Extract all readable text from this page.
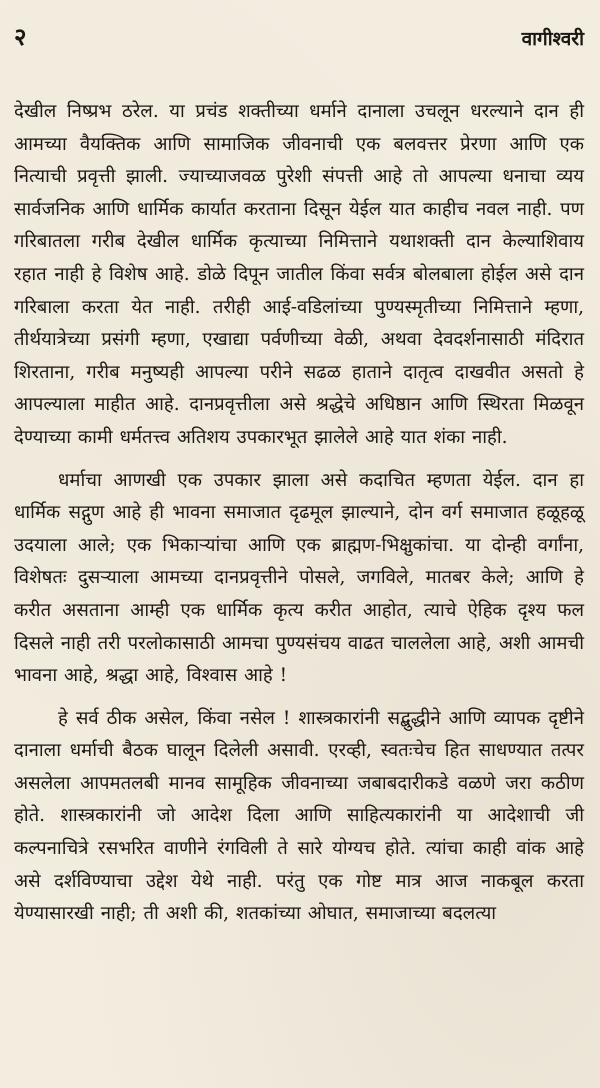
२	वागीश्वरी

देखील निष्प्रभ ठरेल. या प्रचंड शक्तीच्या धर्माने दानाला उचलून धरल्याने दान ही आमच्या वैयक्तिक आणि सामाजिक जीवनाची एक बलवत्तर प्रेरणा आणि एक नित्याची प्रवृत्ती झाली. ज्याच्याजवळ पुरेशी संपत्ती आहे तो आपल्या धनाचा व्यय सार्वजनिक आणि धार्मिक कार्यात करताना दिसून येईल यात काहीच नवल नाही. पण गरिबातला गरीब देखील धार्मिक कृत्याच्या निमित्ताने यथाशक्ती दान केल्याशिवाय रहात नाही हे विशेष आहे. डोळे दिपून जातील किंवा सर्वत्र बोलबाला होईल असे दान गरिबाला करता येत नाही. तरीही आई-वडिलांच्या पुण्यस्मृतीच्या निमित्ताने म्हणा, तीर्थयात्रेच्या प्रसंगी म्हणा, एखाद्या पर्वणीच्या वेळी, अथवा देवदर्शनासाठी मंदिरात शिरताना, गरीब मनुष्यही आपल्या परीने सढळ हाताने दातृत्व दाखवीत असतो हे आपल्याला माहीत आहे. दानप्रवृत्तीला असे श्रद्धेचे अधिष्ठान आणि स्थिरता मिळवून देण्याच्या कामी धर्मतत्त्व अतिशय उपकारभूत झालेले आहे यात शंका नाही.

धर्माचा आणखी एक उपकार झाला असे कदाचित म्हणता येईल. दान हा धार्मिक सद्गुण आहे ही भावना समाजात दृढमूल झाल्याने, दोन वर्ग समाजात हळूहळू उदयाला आले; एक भिकाऱ्यांचा आणि एक ब्राह्मण-भिक्षुकांचा. या दोन्ही वर्गांना, विशेषतः दुसऱ्याला आमच्या दानप्रवृत्तीने पोसले, जगविले, मातबर केले; आणि हे करीत असताना आम्ही एक धार्मिक कृत्य करीत आहोत, त्याचे ऐहिक दृश्य फल दिसले नाही तरी परलोकासाठी आमचा पुण्यसंचय वाढत चाललेला आहे, अशी आमची भावना आहे, श्रद्धा आहे, विश्वास आहे !

हे सर्व ठीक असेल, किंवा नसेल ! शास्त्रकारांनी सद्बुद्धीने आणि व्यापक दृष्टीने दानाला धर्माची बैठक घालून दिलेली असावी. एरव्ही, स्वतःचेच हित साधण्यात तत्पर असलेला आपमतलबी मानव सामूहिक जीवनाच्या जबाबदारीकडे वळणे जरा कठीण होते. शास्त्रकारांनी जो आदेश दिला आणि साहित्यकारांनी या आदेशाची जी कल्पनाचित्रे रसभरित वाणीने रंगविली ते सारे योग्यच होते. त्यांचा काही वांक आहे असे दर्शविण्याचा उद्देश येथे नाही. परंतु एक गोष्ट मात्र आज नाकबूल करता येण्यासारखी नाही; ती अशी की, शतकांच्या ओघात, समाजाच्या बदलत्या
